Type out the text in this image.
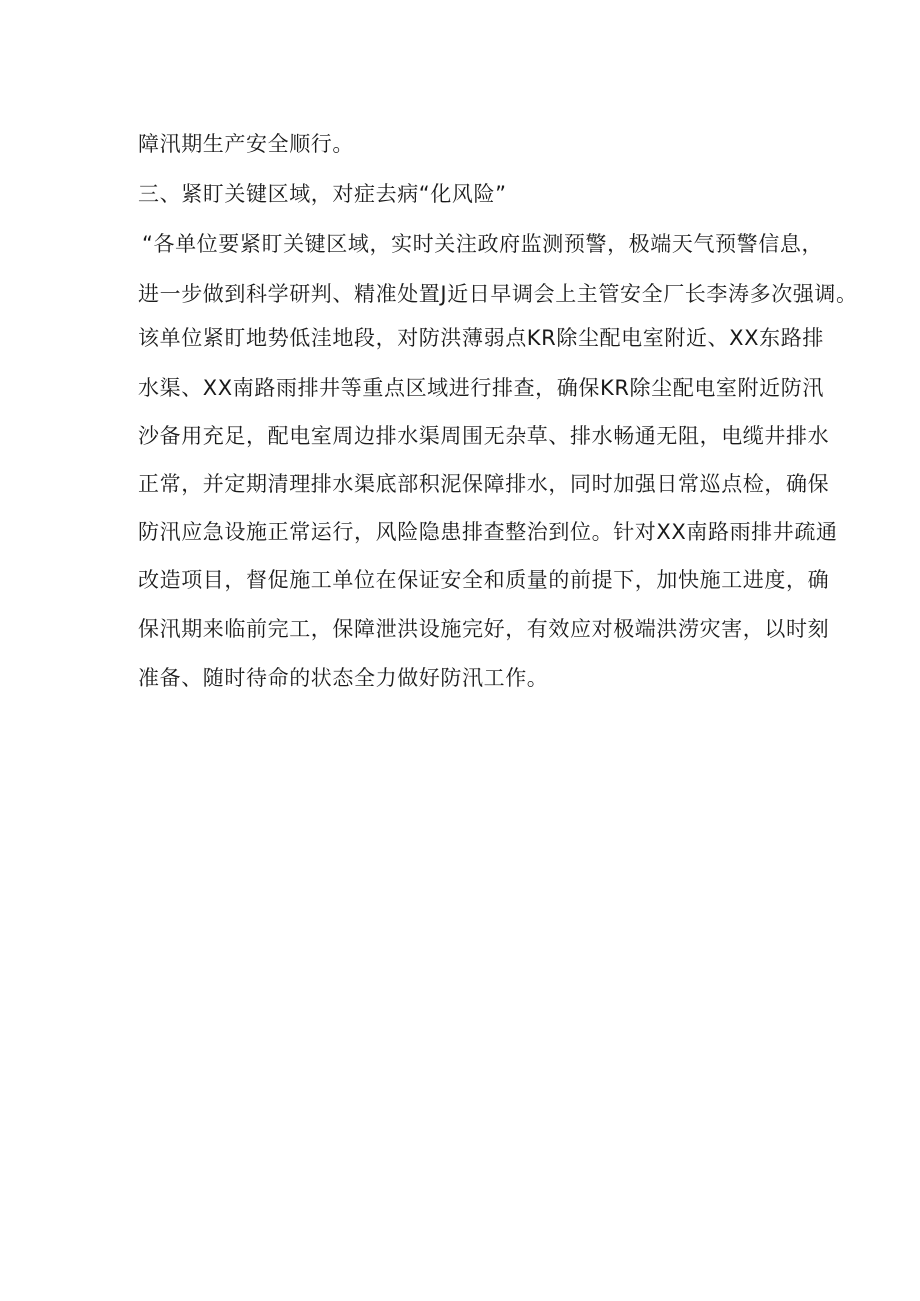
障汛期生产安全顺行。
三、紧盯关键区域，对症去病“化风险”
“各单位要紧盯关键区域，实时关注政府监测预警，极端天气预警信息，
进一步做到科学研判、精准处置J近日早调会上主管安全厂长李涛多次强调。
该单位紧盯地势低洼地段，对防洪薄弱点KR除尘配电室附近、XX东路排
水渠、XX南路雨排井等重点区域进行排查，确保KR除尘配电室附近防汛
沙备用充足，配电室周边排水渠周围无杂草、排水畅通无阻，电缆井排水
正常，并定期清理排水渠底部积泥保障排水，同时加强日常巡点检，确保
防汛应急设施正常运行，风险隐患排查整治到位。针对XX南路雨排井疏通
改造项目，督促施工单位在保证安全和质量的前提下，加快施工进度，确
保汛期来临前完工，保障泄洪设施完好，有效应对极端洪涝灾害，以时刻
准备、随时待命的状态全力做好防汛工作。
